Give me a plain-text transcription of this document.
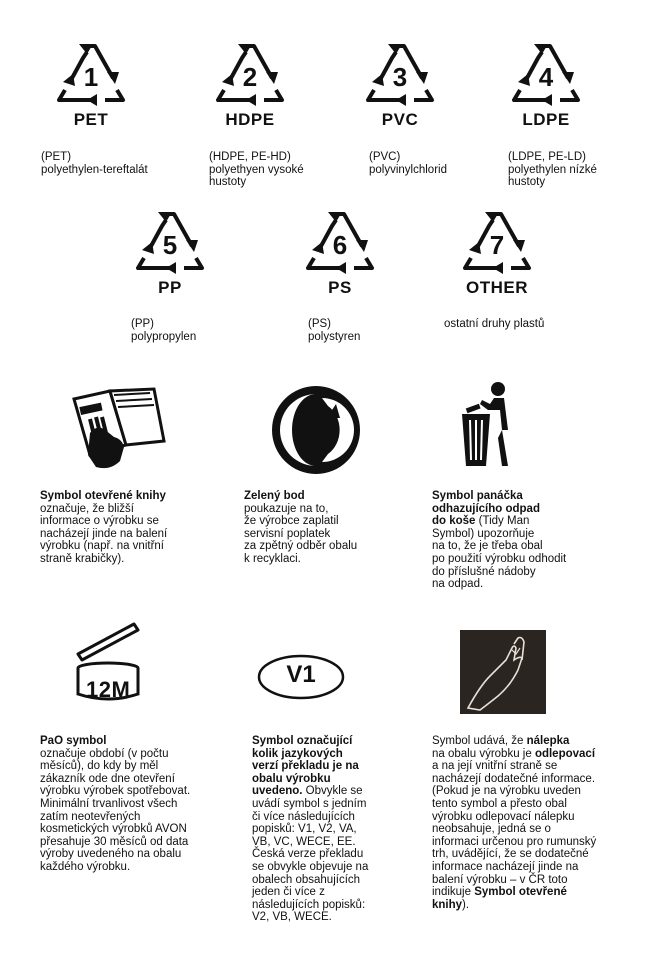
1
PET
2
HDPE
3
PVC
4
LDPE
(PET)
polyethylen-tereftalát
(HDPE, PE-HD)
polyethyen vysoké
hustoty
(PVC)
polyvinylchlorid
(LDPE, PE-LD)
polyethylen nízké
hustoty
5
PP
6
PS
7
OTHER
(PP)
polypropylen
(PS)
polystyren
ostatní druhy plastů
Symbol otevřené knihy
označuje, že bližší
informace o výrobku se
nacházejí jinde na balení
výrobku (např. na vnitřní
straně krabičky).
Zelený bod
poukazuje na to,
že výrobce zaplatil
servisní poplatek
za zpětný odběr obalu
k recyklaci.
Symbol panáčka
odhazujícího odpad
do koše (Tidy Man
Symbol) upozorňuje
na to, že je třeba obal
po použití výrobku odhodit
do příslušné nádoby
na odpad.
12M
V1
PaO symbol
označuje období (v počtu
měsíců), do kdy by měl
zákazník ode dne otevření
výrobku výrobek spotřebovat.
Minimální trvanlivost všech
zatím neotevřených
kosmetických výrobků AVON
přesahuje 30 měsíců od data
výroby uvedeného na obalu
každého výrobku.
Symbol označující
kolik jazykových
verzí překladu je na
obalu výrobku
uvedeno. Obvykle se
uvádí symbol s jedním
či více následujících
popisků: V1, V2, VA,
VB, VC, WECE, EE.
Česká verze překladu
se obvykle objevuje na
obalech obsahujících
jeden či více z
následujících popisků:
V2, VB, WECE.
Symbol udává, že nálepka
na obalu výrobku je odlepovací
a na její vnitřní straně se
nacházejí dodatečné informace.
(Pokud je na výrobku uveden
tento symbol a přesto obal
výrobku odlepovací nálepku
neobsahuje, jedná se o
informaci určenou pro rumunský
trh, uvádějící, že se dodatečné
informace nacházejí jinde na
balení výrobku – v ČR toto
indikuje Symbol otevřené
knihy).
